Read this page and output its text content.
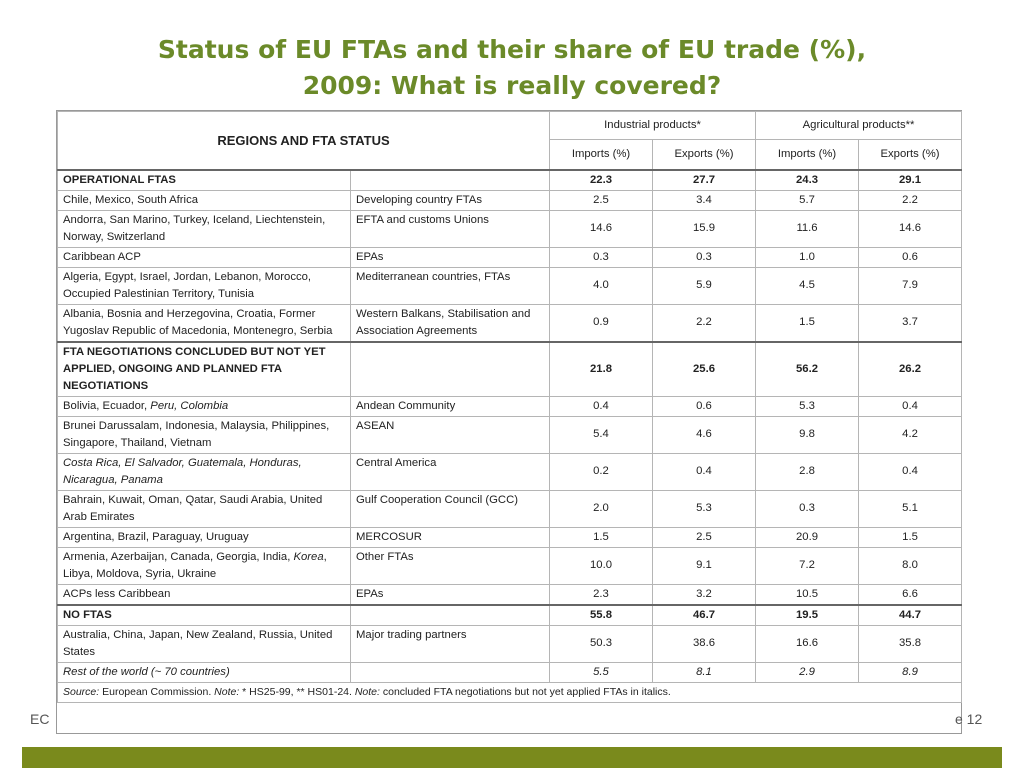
Status of EU FTAs and their share of EU trade (%),
2009: What is really covered?
REGIONS AND FTA STATUS		Industrial products*		Agricultural products**	
		Imports (%)	Exports (%)	Imports (%)	Exports (%)
OPERATIONAL FTAS		22.3	27.7	24.3	29.1
Chile, Mexico, South Africa	Developing country FTAs	2.5	3.4	5.7	2.2
Andorra, San Marino, Turkey, Iceland, Liechtenstein, Norway, Switzerland	EFTA and customs Unions	14.6	15.9	11.6	14.6
Caribbean ACP	EPAs	0.3	0.3	1.0	0.6
Algeria, Egypt, Israel, Jordan, Lebanon, Morocco, Occupied Palestinian Territory, Tunisia	Mediterranean countries, FTAs	4.0	5.9	4.5	7.9
Albania, Bosnia and Herzegovina, Croatia, Former Yugoslav Republic of Macedonia, Montenegro, Serbia	Western Balkans, Stabilisation and Association Agreements	0.9	2.2	1.5	3.7
FTA NEGOTIATIONS CONCLUDED BUT NOT YET APPLIED, ONGOING AND PLANNED FTA NEGOTIATIONS		21.8	25.6	56.2	26.2
Bolivia, Ecuador, Peru, Colombia	Andean Community	0.4	0.6	5.3	0.4
Brunei Darussalam, Indonesia, Malaysia, Philippines, Singapore, Thailand, Vietnam	ASEAN	5.4	4.6	9.8	4.2
Costa Rica, El Salvador, Guatemala, Honduras, Nicaragua, Panama	Central America	0.2	0.4	2.8	0.4
Bahrain, Kuwait, Oman, Qatar, Saudi Arabia, United Arab Emirates	Gulf Cooperation Council (GCC)	2.0	5.3	0.3	5.1
Argentina, Brazil, Paraguay, Uruguay	MERCOSUR	1.5	2.5	20.9	1.5
Armenia, Azerbaijan, Canada, Georgia, India, Korea, Libya, Moldova, Syria, Ukraine	Other FTAs	10.0	9.1	7.2	8.0
ACPs less Caribbean	EPAs	2.3	3.2	10.5	6.6
NO FTAS		55.8	46.7	19.5	44.7
Australia, China, Japan, New Zealand, Russia, United States	Major trading partners	50.3	38.6	16.6	35.8
Rest of the world (~ 70 countries)		5.5	8.1	2.9	8.9
Source: European Commission. Note: * HS25-99, ** HS01-24. Note: concluded FTA negotiations but not yet applied FTAs in italics.					
EC	e 12
